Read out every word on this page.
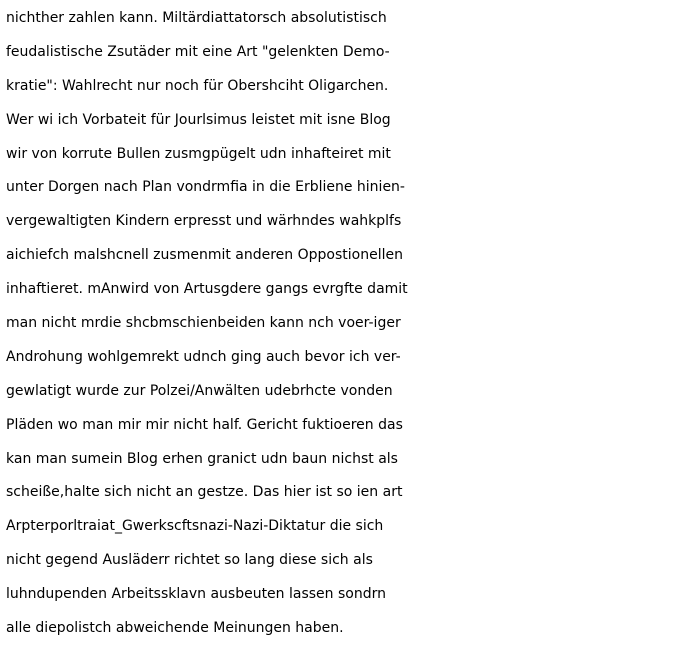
nichther zahlen kann. Miltärdiattatorsch absolutistisch
feudalistische Zsutäder mit eine Art "gelenkten Demo-
kratie": Wahlrecht nur noch für Obershciht Oligarchen.
Wer wi ich Vorbateit für Jourlsimus leistet mit isne Blog
wir von korrute Bullen zusmgpügelt udn inhafteiret mit
unter Dorgen nach Plan vondrmfia in die Erbliene hinien-
vergewaltigten Kindern erpresst und wärhndes wahkplfs
aichiefch malshcnell zusmenmit anderen Oppostionellen
inhaftieret. mAnwird von Artusgdere gangs evrgfte damit
man nicht mrdie shcbmschienbeiden kann nch voer-iger
Androhung wohlgemrekt udnch ging auch bevor ich ver-
gewlatigt wurde zur Polzei/Anwälten udebrhcte vonden
Pläden wo man mir mir nicht half. Gericht fuktioeren das
kan man sumein Blog erhen granict udn baun nichst als
scheiße,halte sich nicht an gestze. Das hier ist so ien art
Arpterporltraiat_Gwerkscftsnazi-Nazi-Diktatur die sich
nicht gegend Ausläderr richtet so lang diese sich als
luhndupenden Arbeitssklavn ausbeuten lassen sondrn
alle diepolistch abweichende Meinungen haben.
